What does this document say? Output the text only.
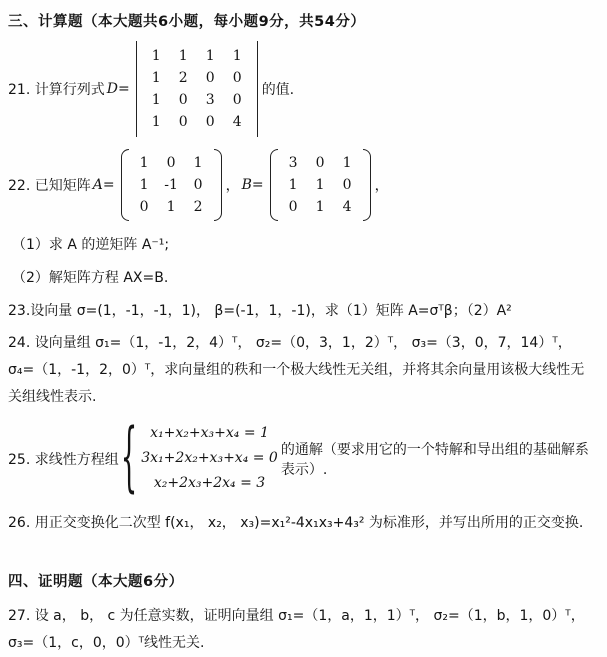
三、计算题（本大题共6小题，每小题9分，共54分）
21. 计算行列式 D=
1	1	1	1
1	2	0	0
1	0	3	0
1	0	0	4
的值.
22. 已知矩阵 A=
1	0	1
1	-1	0
0	1	2
， B=
3	0	1
1	1	0
0	1	4
，
（1）求 A 的逆矩阵 A⁻¹;
（2）解矩阵方程 AX=B.
23.设向量 σ=(1，-1，-1，1)， β=(-1，1，-1)，求（1）矩阵 A=σᵀβ；（2）A²
24. 设向量组 σ₁=（1，-1，2，4）ᵀ， σ₂=（0，3，1，2）ᵀ， σ₃=（3，0，7，14）ᵀ， σ₄=（1，-1，2，0）ᵀ，求向量组的秩和一个极大线性无关组，并将其余向量用该极大线性无关组线性表示.
25. 求线性方程组
{
x₁+x₂+x₃+x₄ = 1
3x₁+2x₂+x₃+x₄ = 0
x₂+2x₃+2x₄ = 3
的通解（要求用它的一个特解和导出组的基础解系表示）.
26. 用正交变换化二次型 f(x₁， x₂， x₃)=x₁²-4x₁x₃+4₃² 为标准形，并写出所用的正交变换.
四、证明题（本大题6分）
27. 设 a， b， c 为任意实数，证明向量组 σ₁=（1，a，1，1）ᵀ， σ₂=（1，b，1，0）ᵀ， σ₃=（1，c，0，0）ᵀ线性无关.
